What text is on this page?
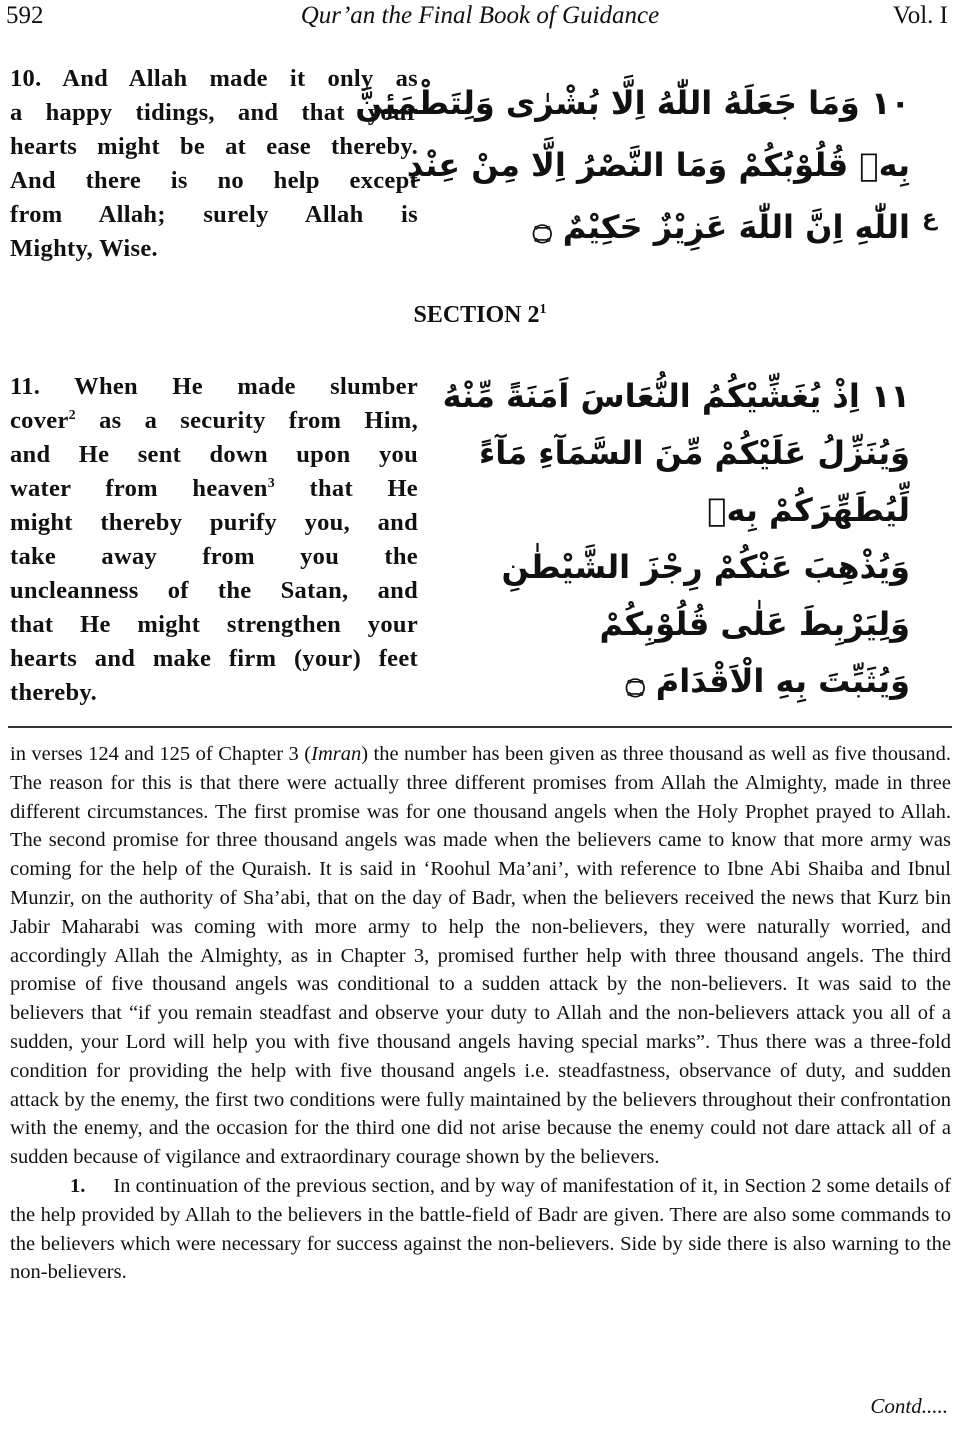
592	Qur’an the Final Book of Guidance	Vol. I
10. And Allah made it only as
a happy tidings, and that your
hearts might be at ease thereby.
And there is no help except
from Allah; surely Allah is
Mighty, Wise.
١٠ وَمَا جَعَلَهُ اللّٰهُ اِلَّا بُشْرٰى وَلِتَطْمَئِنَّ
بِهٖ قُلُوْبُكُمْ وَمَا النَّصْرُ اِلَّا مِنْ عِنْدِ
اللّٰهِ اِنَّ اللّٰهَ عَزِيْزٌ حَكِيْمٌ ۝ ع
SECTION $2^1$
11. When He made slumber
cover$^2$ as a security from Him,
and He sent down upon you
water from heaven$^3$ that He
might thereby purify you, and
take away from you the
uncleanness of the Satan, and
that He might strengthen your
hearts and make firm (your) feet
thereby.
١١ اِذْ يُغَشِّيْكُمُ النُّعَاسَ اَمَنَةً مِّنْهُ
وَيُنَزِّلُ عَلَيْكُمْ مِّنَ السَّمَآءِ مَآءً
لِّيُطَهِّرَكُمْ بِهٖ
وَيُذْهِبَ عَنْكُمْ رِجْزَ الشَّيْطٰنِ
وَلِيَرْبِطَ عَلٰى قُلُوْبِكُمْ
وَيُثَبِّتَ بِهِ الْاَقْدَامَ ۝

in verses 124 and 125 of Chapter 3 (Imran) the number has been given as three thousand as well as five thousand. The reason for this is that there were actually three different promises from Allah the Almighty, made in three different circumstances. The first promise was for one thousand angels when the Holy Prophet prayed to Allah. The second promise for three thousand angels was made when the believers came to know that more army was coming for the help of the Quraish. It is said in ‘Roohul Ma’ani’, with reference to Ibne Abi Shaiba and Ibnul Munzir, on the authority of Sha’abi, that on the day of Badr, when the believers received the news that Kurz bin Jabir Maharabi was coming with more army to help the non-believers, they were naturally worried, and accordingly Allah the Almighty, as in Chapter 3, promised further help with three thousand angels. The third promise of five thousand angels was conditional to a sudden attack by the non-believers. It was said to the believers that “if you remain steadfast and observe your duty to Allah and the non-believers attack you all of a sudden, your Lord will help you with five thousand angels having special marks”. Thus there was a three-fold condition for providing the help with five thousand angels i.e. steadfastness, observance of duty, and sudden attack by the enemy, the first two conditions were fully maintained by the believers throughout their confrontation with the enemy, and the occasion for the third one did not arise because the enemy could not dare attack all of a sudden because of vigilance and extraordinary courage shown by the believers.

1. In continuation of the previous section, and by way of manifestation of it, in Section 2 some details of the help provided by Allah to the believers in the battle-field of Badr are given. There are also some commands to the believers which were necessary for success against the non-believers. Side by side there is also warning to the non-believers.

Contd.....
